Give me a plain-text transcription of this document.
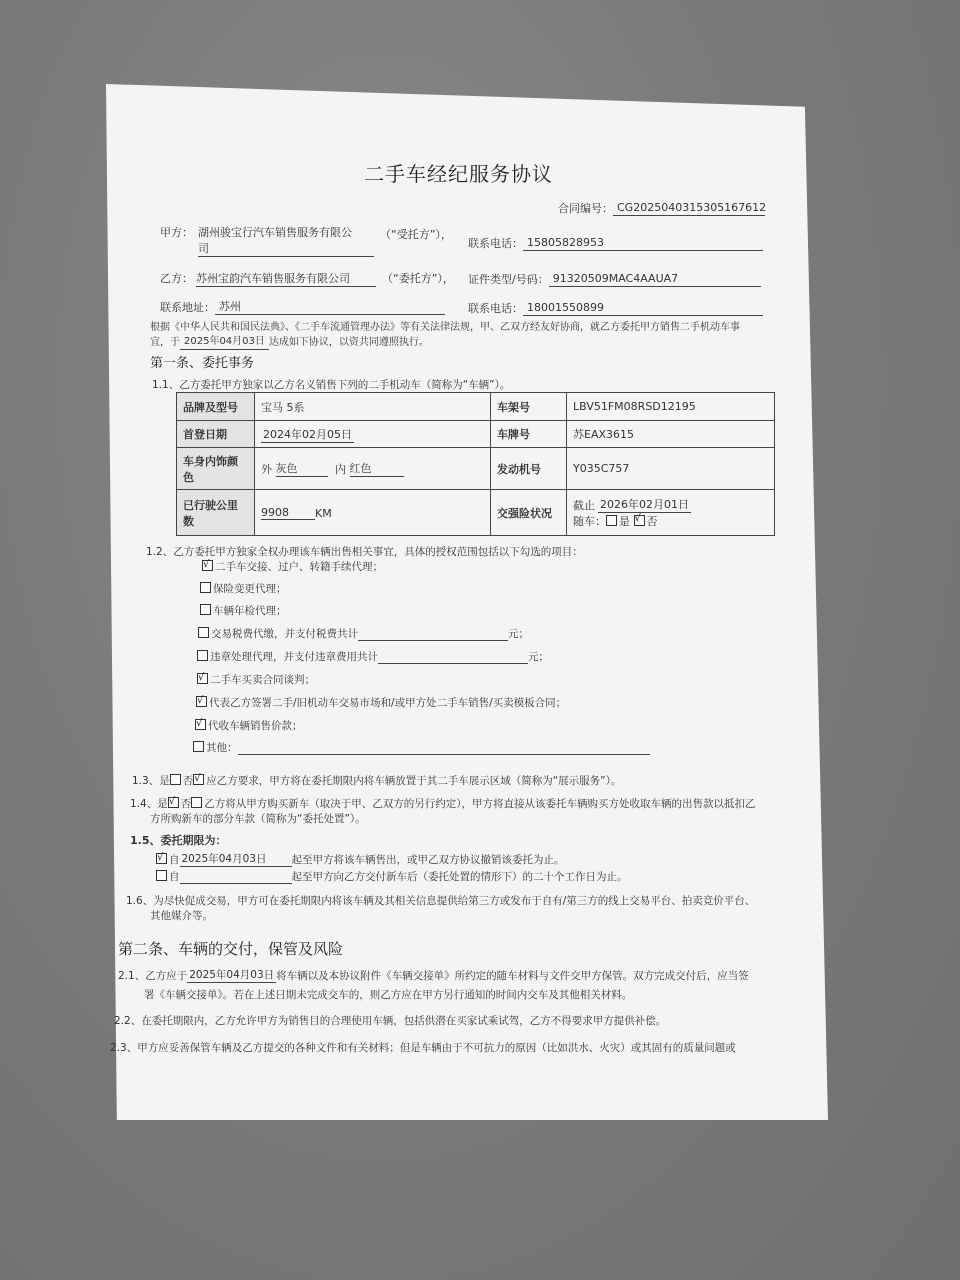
二手车经纪服务协议
合同编号： CG20250403153051676​12
甲方： 湖州骏宝行汽车销售服务有限公
司
（“受托方”），
联系电话： 15805828953
乙方： 苏州宝韵汽车销售服务有限公司	（“委托方”）， 证件类型/号码： 91320509MAC4AAUA7
联系地址： 苏州	联系电话： 18001550899
根据《中华人民共和国民法典》、《二手车流通管理办法》等有关法律法规，甲、乙双方经友好协商，就乙方委托甲方销售二手机动车事
宜，于 2025年04月03日 达成如下协议，以资共同遵照执行。
第一条、委托事务
1.1、乙方委托甲方独家以乙方名义销售下列的二手机动车（简称为“车辆”）。
品牌及型号	宝马 5系	车架号	LBV51FM08RSD12195
首登日期	2024年02月05日	车牌号	苏EAX3615
车身内饰颜色	外 灰色 内 红色	发动机号	Y035C757
已行驶公里数	9908 KM	交强险状况	截止 2026年02月01日
随车： 是 √ 否
1.2、乙方委托甲方独家全权办理该车辆出售相关事宜，具体的授权范围包括以下勾选的项目：
√二手车交接、过户、转籍手续代理；
保险变更代理；
车辆年检代理；
交易税费代缴，并支付税费共计	元；
违章处理代理，并支付违章费用共计	元；
√二手车买卖合同谈判；
√代表乙方签署二手/旧机动车交易市场和/或甲方处二手车销售/买卖模板合同；
√代收车辆销售价款；
其他：
1.3、是 否 √ 应乙方要求，甲方将在委托期限内将车辆放置于其二手车展示区域（简称为“展示服务”）。
1.4、是 √ 否 乙方将从甲方购买新车（取决于甲、乙双方的另行约定），甲方将直接从该委托车辆购买方处收取车辆的出售款以抵扣乙
方所购新车的部分车款（简称为“委托处置”）。
1.5、委托期限为：
√自 2025年04月03日 起至甲方将该车辆售出，或甲乙双方协议撤销该委托为止。
自	起至甲方向乙方交付新车后（委托处置的情形下）的二十个工作日为止。
1.6、为尽快促成交易，甲方可在委托期限内将该车辆及其相关信息提供给第三方或发布于自有/第三方的线上交易平台、拍卖竞价平台、
其他媒介等。
第二条、车辆的交付，保管及风险
2.1、乙方应于 2025年04月03日 将车辆以及本协议附件《车辆交接单》所约定的随车材料与文件交甲方保管。双方完成交付后，应当签
署《车辆交接单》。若在上述日期未完成交车的，则乙方应在甲方另行通知的时间内交车及其他相关材料。
2.2、在委托期限内，乙方允许甲方为销售目的合理使用车辆，包括供潜在买家试乘试驾，乙方不得要求甲方提供补偿。
2.3、甲方应妥善保管车辆及乙方提交的各种文件和有关材料；但是车辆由于不可抗力的原因（比如洪水、火灾）或其固有的质量问题或
